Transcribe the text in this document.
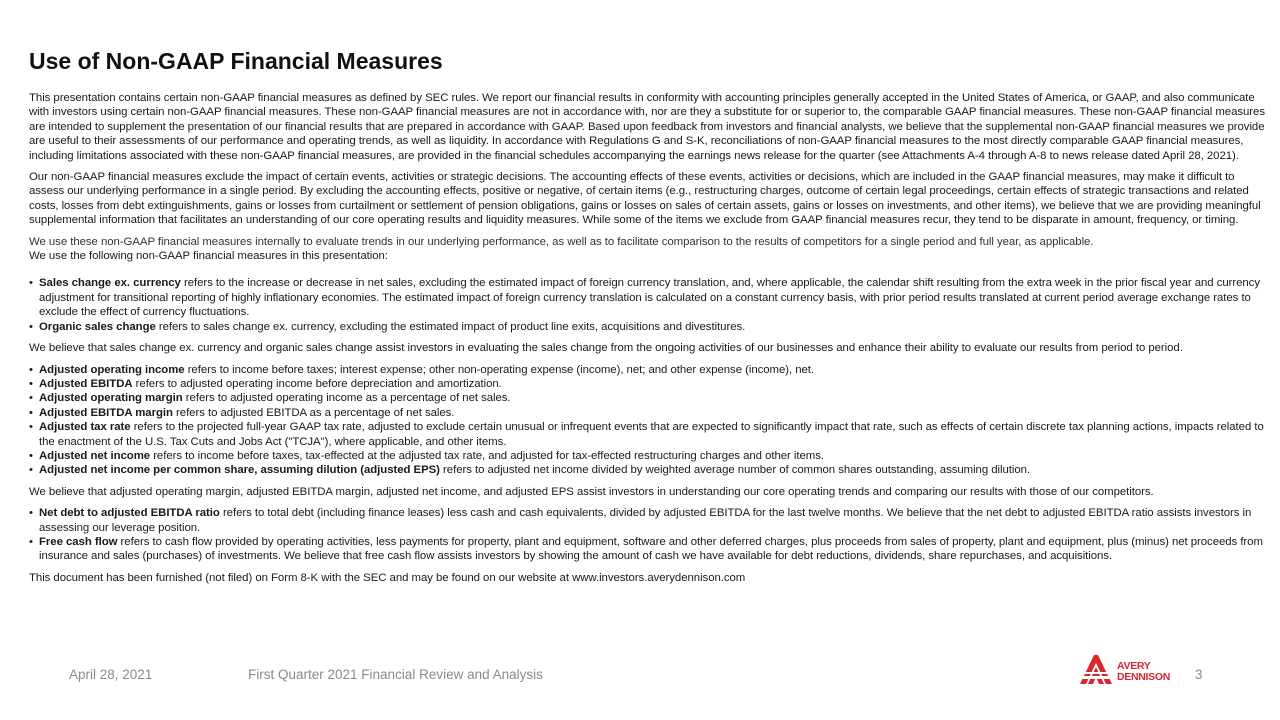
Use of Non-GAAP Financial Measures

This presentation contains certain non-GAAP financial measures as defined by SEC rules. We report our financial results in conformity with accounting principles generally accepted in the United States of America, or GAAP, and also communicate with investors using certain non-GAAP financial measures. These non-GAAP financial measures are not in accordance with, nor are they a substitute for or superior to, the comparable GAAP financial measures. These non-GAAP financial measures are intended to supplement the presentation of our financial results that are prepared in accordance with GAAP. Based upon feedback from investors and financial analysts, we believe that the supplemental non-GAAP financial measures we provide are useful to their assessments of our performance and operating trends, as well as liquidity. In accordance with Regulations G and S-K, reconciliations of non-GAAP financial measures to the most directly comparable GAAP financial measures, including limitations associated with these non-GAAP financial measures, are provided in the financial schedules accompanying the earnings news release for the quarter (see Attachments A-4 through A-8 to news release dated April 28, 2021).

Our non-GAAP financial measures exclude the impact of certain events, activities or strategic decisions. The accounting effects of these events, activities or decisions, which are included in the GAAP financial measures, may make it difficult to assess our underlying performance in a single period. By excluding the accounting effects, positive or negative, of certain items (e.g., restructuring charges, outcome of certain legal proceedings, certain effects of strategic transactions and related costs, losses from debt extinguishments, gains or losses from curtailment or settlement of pension obligations, gains or losses on sales of certain assets, gains or losses on investments, and other items), we believe that we are providing meaningful supplemental information that facilitates an understanding of our core operating results and liquidity measures. While some of the items we exclude from GAAP financial measures recur, they tend to be disparate in amount, frequency, or timing.

We use these non-GAAP financial measures internally to evaluate trends in our underlying performance, as well as to facilitate comparison to the results of competitors for a single period and full year, as applicable.

We use the following non-GAAP financial measures in this presentation:

• Sales change ex. currency refers to the increase or decrease in net sales, excluding the estimated impact of foreign currency translation, and, where applicable, the calendar shift resulting from the extra week in the prior fiscal year and currency adjustment for transitional reporting of highly inflationary economies. The estimated impact of foreign currency translation is calculated on a constant currency basis, with prior period results translated at current period average exchange rates to exclude the effect of currency fluctuations.
• Organic sales change refers to sales change ex. currency, excluding the estimated impact of product line exits, acquisitions and divestitures.

We believe that sales change ex. currency and organic sales change assist investors in evaluating the sales change from the ongoing activities of our businesses and enhance their ability to evaluate our results from period to period.

• Adjusted operating income refers to income before taxes; interest expense; other non-operating expense (income), net; and other expense (income), net.
• Adjusted EBITDA refers to adjusted operating income before depreciation and amortization.
• Adjusted operating margin refers to adjusted operating income as a percentage of net sales.
• Adjusted EBITDA margin refers to adjusted EBITDA as a percentage of net sales.
• Adjusted tax rate refers to the projected full-year GAAP tax rate, adjusted to exclude certain unusual or infrequent events that are expected to significantly impact that rate, such as effects of certain discrete tax planning actions, impacts related to the enactment of the U.S. Tax Cuts and Jobs Act ("TCJA"), where applicable, and other items.
• Adjusted net income refers to income before taxes, tax-effected at the adjusted tax rate, and adjusted for tax-effected restructuring charges and other items.
• Adjusted net income per common share, assuming dilution (adjusted EPS) refers to adjusted net income divided by weighted average number of common shares outstanding, assuming dilution.

We believe that adjusted operating margin, adjusted EBITDA margin, adjusted net income, and adjusted EPS assist investors in understanding our core operating trends and comparing our results with those of our competitors.

• Net debt to adjusted EBITDA ratio refers to total debt (including finance leases) less cash and cash equivalents, divided by adjusted EBITDA for the last twelve months. We believe that the net debt to adjusted EBITDA ratio assists investors in assessing our leverage position.
• Free cash flow refers to cash flow provided by operating activities, less payments for property, plant and equipment, software and other deferred charges, plus proceeds from sales of property, plant and equipment, plus (minus) net proceeds from insurance and sales (purchases) of investments. We believe that free cash flow assists investors by showing the amount of cash we have available for debt reductions, dividends, share repurchases, and acquisitions.

This document has been furnished (not filed) on Form 8-K with the SEC and may be found on our website at www.investors.averydennison.com

April 28, 2021	First Quarter 2021 Financial Review and Analysis
AVERY
DENNISON 3
